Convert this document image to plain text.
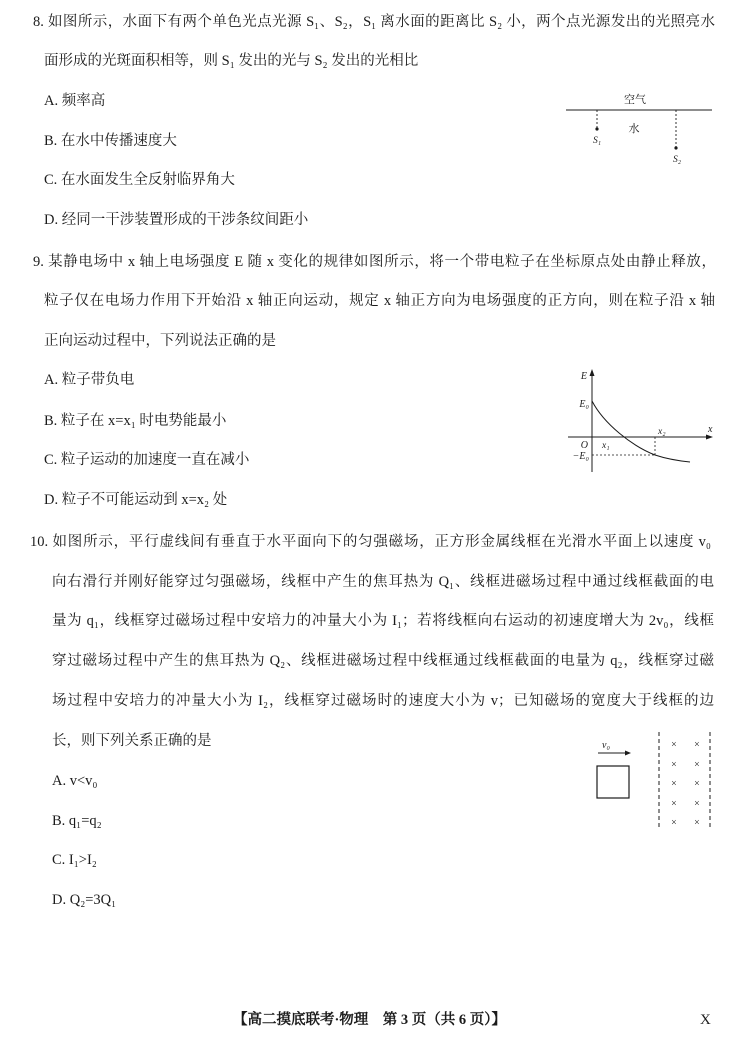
8. 如图所示，水面下有两个单色光点光源 S₁、S₂，S₁ 离水面的距离比 S₂ 小，两个点光源发出的光照亮水
面形成的光斑面积相等，则 S₁ 发出的光与 S₂ 发出的光相比
A. 频率高
B. 在水中传播速度大
C. 在水面发生全反射临界角大
D. 经同一干涉装置形成的干涉条纹间距小
空气
水
S₁
S₂
9. 某静电场中 x 轴上电场强度 E 随 x 变化的规律如图所示，将一个带电粒子在坐标原点处由静止释放，
粒子仅在电场力作用下开始沿 x 轴正向运动，规定 x 轴正方向为电场强度的正方向，则在粒子沿 x 轴
正向运动过程中，下列说法正确的是
A. 粒子带负电
B. 粒子在 x=x₁ 时电势能最小
C. 粒子运动的加速度一直在减小
D. 粒子不可能运动到 x=x₂ 处
E
x
O
E₀
x₁
x₂
−E₀
10. 如图所示，平行虚线间有垂直于水平面向下的匀强磁场，正方形金属线框在光滑水平面上以速度 v₀
向右滑行并刚好能穿过匀强磁场，线框中产生的焦耳热为 Q₁、线框进磁场过程中通过线框截面的电
量为 q₁，线框穿过磁场过程中安培力的冲量大小为 I₁；若将线框向右运动的初速度增大为 2v₀，线框
穿过磁场过程中产生的焦耳热为 Q₂、线框进磁场过程中线框通过线框截面的电量为 q₂，线框穿过磁
场过程中安培力的冲量大小为 I₂，线框穿过磁场时的速度大小为 v；已知磁场的宽度大于线框的边
长，则下列关系正确的是
A. v<v₀
B. q₁=q₂
C. I₁>I₂
D. Q₂=3Q₁
v₀	× ×
× ×
× ×
× ×
× ×
【高二摸底联考·物理　第 3 页（共 6 页）】	X
